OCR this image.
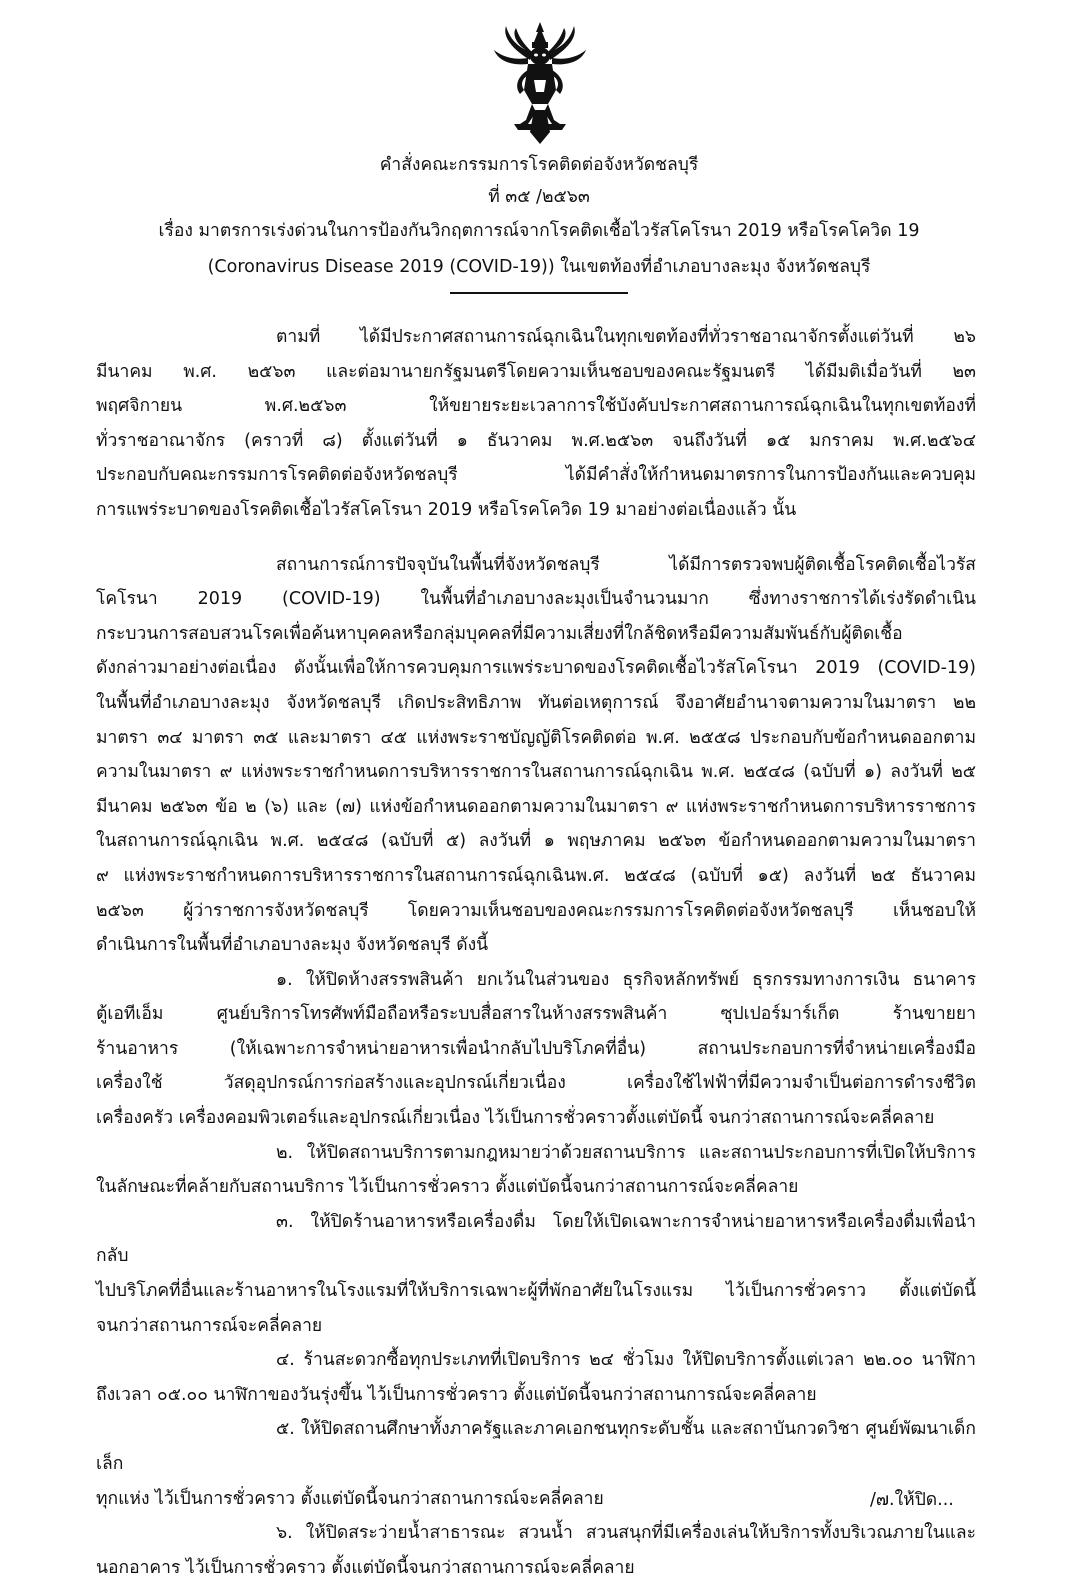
คำสั่งคณะกรรมการโรคติดต่อจังหวัดชลบุรี
ที่ ๓๕ /๒๕๖๓
เรื่อง มาตรการเร่งด่วนในการป้องกันวิกฤตการณ์จากโรคติดเชื้อไวรัสโคโรนา 2019 หรือโรคโควิด 19
(Coronavirus Disease 2019 (COVID-19)) ในเขตท้องที่อำเภอบางละมุง จังหวัดชลบุรี

ตามที่ ได้มีประกาศสถานการณ์ฉุกเฉินในทุกเขตท้องที่ทั่วราชอาณาจักรตั้งแต่วันที่ ๒๖

มีนาคม พ.ศ. ๒๕๖๓ และต่อมานายกรัฐมนตรีโดยความเห็นชอบของคณะรัฐมนตรี ได้มีมติเมื่อวันที่ ๒๓

พฤศจิกายน พ.ศ.๒๕๖๓ ให้ขยายระยะเวลาการใช้บังคับประกาศสถานการณ์ฉุกเฉินในทุกเขตท้องที่

ทั่วราชอาณาจักร (คราวที่ ๘) ตั้งแต่วันที่ ๑ ธันวาคม พ.ศ.๒๕๖๓ จนถึงวันที่ ๑๕ มกราคม พ.ศ.๒๕๖๔

ประกอบกับคณะกรรมการโรคติดต่อจังหวัดชลบุรี ได้มีคำสั่งให้กำหนดมาตรการในการป้องกันและควบคุม

การแพร่ระบาดของโรคติดเชื้อไวรัสโคโรนา 2019 หรือโรคโควิด 19 มาอย่างต่อเนื่องแล้ว นั้น

สถานการณ์การปัจจุบันในพื้นที่จังหวัดชลบุรี ได้มีการตรวจพบผู้ติดเชื้อโรคติดเชื้อไวรัส

โคโรนา 2019 (COVID-19) ในพื้นที่อำเภอบางละมุงเป็นจำนวนมาก ซึ่งทางราชการได้เร่งรัดดำเนิน

กระบวนการสอบสวนโรคเพื่อค้นหาบุคคลหรือกลุ่มบุคคลที่มีความเสี่ยงที่ใกล้ชิดหรือมีความสัมพันธ์กับผู้ติดเชื้อ

ดังกล่าวมาอย่างต่อเนื่อง ดังนั้นเพื่อให้การควบคุมการแพร่ระบาดของโรคติดเชื้อไวรัสโคโรนา 2019 (COVID-19)

ในพื้นที่อำเภอบางละมุง จังหวัดชลบุรี เกิดประสิทธิภาพ ทันต่อเหตุการณ์ จึงอาศัยอำนาจตามความในมาตรา ๒๒

มาตรา ๓๔ มาตรา ๓๕ และมาตรา ๔๕ แห่งพระราชบัญญัติโรคติดต่อ พ.ศ. ๒๕๕๘ ประกอบกับข้อกำหนดออกตาม

ความในมาตรา ๙ แห่งพระราชกำหนดการบริหารราชการในสถานการณ์ฉุกเฉิน พ.ศ. ๒๕๔๘ (ฉบับที่ ๑) ลงวันที่ ๒๕

มีนาคม ๒๕๖๓ ข้อ ๒ (๖) และ (๗) แห่งข้อกำหนดออกตามความในมาตรา ๙ แห่งพระราชกำหนดการบริหารราชการ

ในสถานการณ์ฉุกเฉิน พ.ศ. ๒๕๔๘ (ฉบับที่ ๕) ลงวันที่ ๑ พฤษภาคม ๒๕๖๓ ข้อกำหนดออกตามความในมาตรา

๙ แห่งพระราชกำหนดการบริหารราชการในสถานการณ์ฉุกเฉินพ.ศ. ๒๕๔๘ (ฉบับที่ ๑๕) ลงวันที่ ๒๕ ธันวาคม

๒๕๖๓ ผู้ว่าราชการจังหวัดชลบุรี โดยความเห็นชอบของคณะกรรมการโรคติดต่อจังหวัดชลบุรี เห็นชอบให้

ดำเนินการในพื้นที่อำเภอบางละมุง จังหวัดชลบุรี ดังนี้

๑. ให้ปิดห้างสรรพสินค้า ยกเว้นในส่วนของ ธุรกิจหลักทรัพย์ ธุรกรรมทางการเงิน ธนาคาร

ตู้เอทีเอ็ม ศูนย์บริการโทรศัพท์มือถือหรือระบบสื่อสารในห้างสรรพสินค้า ซุปเปอร์มาร์เก็ต ร้านขายยา

ร้านอาหาร (ให้เฉพาะการจำหน่ายอาหารเพื่อนำกลับไปบริโภคที่อื่น) สถานประกอบการที่จำหน่ายเครื่องมือ

เครื่องใช้ วัสดุอุปกรณ์การก่อสร้างและอุปกรณ์เกี่ยวเนื่อง เครื่องใช้ไฟฟ้าที่มีความจำเป็นต่อการดำรงชีวิต

เครื่องครัว เครื่องคอมพิวเตอร์และอุปกรณ์เกี่ยวเนื่อง ไว้เป็นการชั่วคราวตั้งแต่บัดนี้ จนกว่าสถานการณ์จะคลี่คลาย

๒. ให้ปิดสถานบริการตามกฎหมายว่าด้วยสถานบริการ และสถานประกอบการที่เปิดให้บริการ

ในลักษณะที่คล้ายกับสถานบริการ ไว้เป็นการชั่วคราว ตั้งแต่บัดนี้จนกว่าสถานการณ์จะคลี่คลาย

๓. ให้ปิดร้านอาหารหรือเครื่องดื่ม โดยให้เปิดเฉพาะการจำหน่ายอาหารหรือเครื่องดื่มเพื่อนำกลับ

ไปบริโภคที่อื่นและร้านอาหารในโรงแรมที่ให้บริการเฉพาะผู้ที่พักอาศัยในโรงแรม ไว้เป็นการชั่วคราว ตั้งแต่บัดนี้

จนกว่าสถานการณ์จะคลี่คลาย

๔. ร้านสะดวกซื้อทุกประเภทที่เปิดบริการ ๒๔ ชั่วโมง ให้ปิดบริการตั้งแต่เวลา ๒๒.๐๐ นาฬิกา

ถึงเวลา ๐๕.๐๐ นาฬิกาของวันรุ่งขึ้น ไว้เป็นการชั่วคราว ตั้งแต่บัดนี้จนกว่าสถานการณ์จะคลี่คลาย

๕. ให้ปิดสถานศึกษาทั้งภาครัฐและภาคเอกชนทุกระดับชั้น และสถาบันกวดวิชา ศูนย์พัฒนาเด็กเล็ก

ทุกแห่ง ไว้เป็นการชั่วคราว ตั้งแต่บัดนี้จนกว่าสถานการณ์จะคลี่คลาย

๖. ให้ปิดสระว่ายน้ำสาธารณะ สวนน้ำ สวนสนุกที่มีเครื่องเล่นให้บริการทั้งบริเวณภายในและ

นอกอาคาร ไว้เป็นการชั่วคราว ตั้งแต่บัดนี้จนกว่าสถานการณ์จะคลี่คลาย

/๗.ให้ปิด...
